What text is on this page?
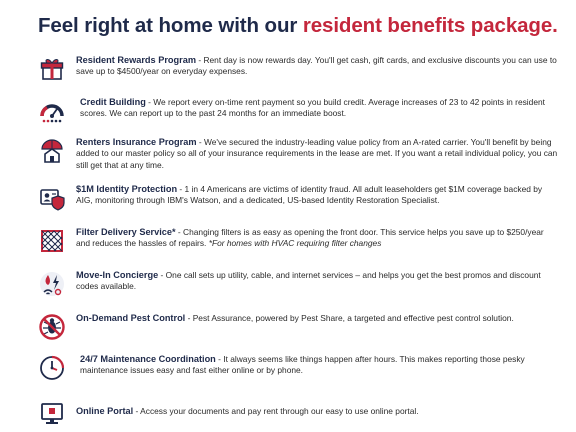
Feel right at home with our resident benefits package.
Resident Rewards Program - Rent day is now rewards day. You'll get cash, gift cards, and exclusive discounts you can use to save up to $4500/year on everyday expenses.
Credit Building - We report every on-time rent payment so you build credit. Average increases of 23 to 42 points in resident scores. We can report up to the past 24 months for an immediate boost.
Renters Insurance Program - We've secured the industry-leading value policy from an A-rated carrier. You'll benefit by being added to our master policy so all of your insurance requirements in the lease are met. If you want a retail individual policy, you can still get that at any time.
$1M Identity Protection - 1 in 4 Americans are victims of identity fraud. All adult leaseholders get $1M coverage backed by AIG, monitoring through IBM's Watson, and a dedicated, US-based Identity Restoration Specialist.
Filter Delivery Service* - Changing filters is as easy as opening the front door. This service helps you save up to $250/year and reduces the hassles of repairs. *For homes with HVAC requiring filter changes
Move-In Concierge - One call sets up utility, cable, and internet services – and helps you get the best promos and discount codes available.
On-Demand Pest Control - Pest Assurance, powered by Pest Share, a targeted and effective pest control solution.
24/7 Maintenance Coordination - It always seems like things happen after hours. This makes reporting those pesky maintenance issues easy and fast either online or by phone.
Online Portal - Access your documents and pay rent through our easy to use online portal.
